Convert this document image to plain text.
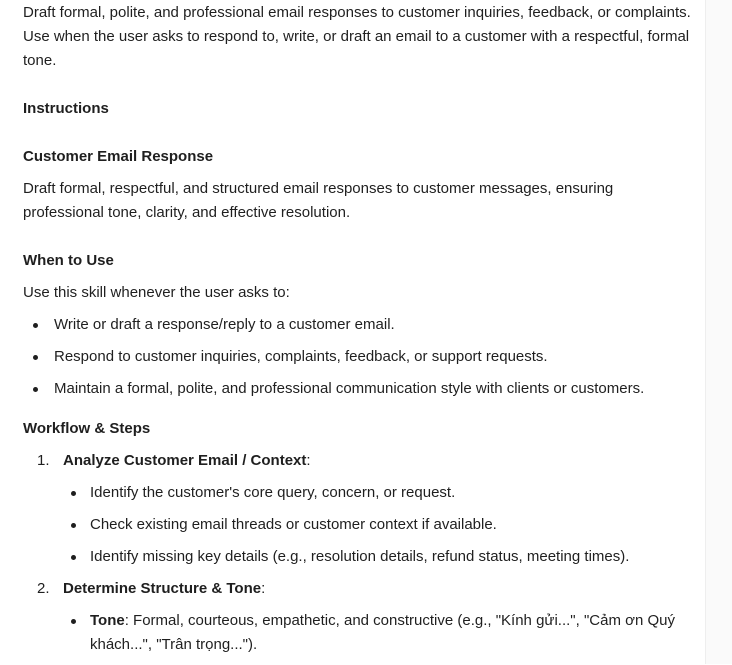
Draft formal, polite, and professional email responses to customer inquiries, feedback, or complaints. Use when the user asks to respond to, write, or draft an email to a customer with a respectful, formal tone.

Instructions

Customer Email Response

Draft formal, respectful, and structured email responses to customer messages, ensuring professional tone, clarity, and effective resolution.

When to Use

Use this skill whenever the user asks to:

Write or draft a response/reply to a customer email.
Respond to customer inquiries, complaints, feedback, or support requests.
Maintain a formal, polite, and professional communication style with clients or customers.

Workflow & Steps

1. Analyze Customer Email / Context:
Identify the customer's core query, concern, or request.
Check existing email threads or customer context if available.
Identify missing key details (e.g., resolution details, refund status, meeting times).
2. Determine Structure & Tone:
Tone: Formal, courteous, empathetic, and constructive (e.g., "Kính gửi...", "Cảm ơn Quý khách...", "Trân trọng...").
